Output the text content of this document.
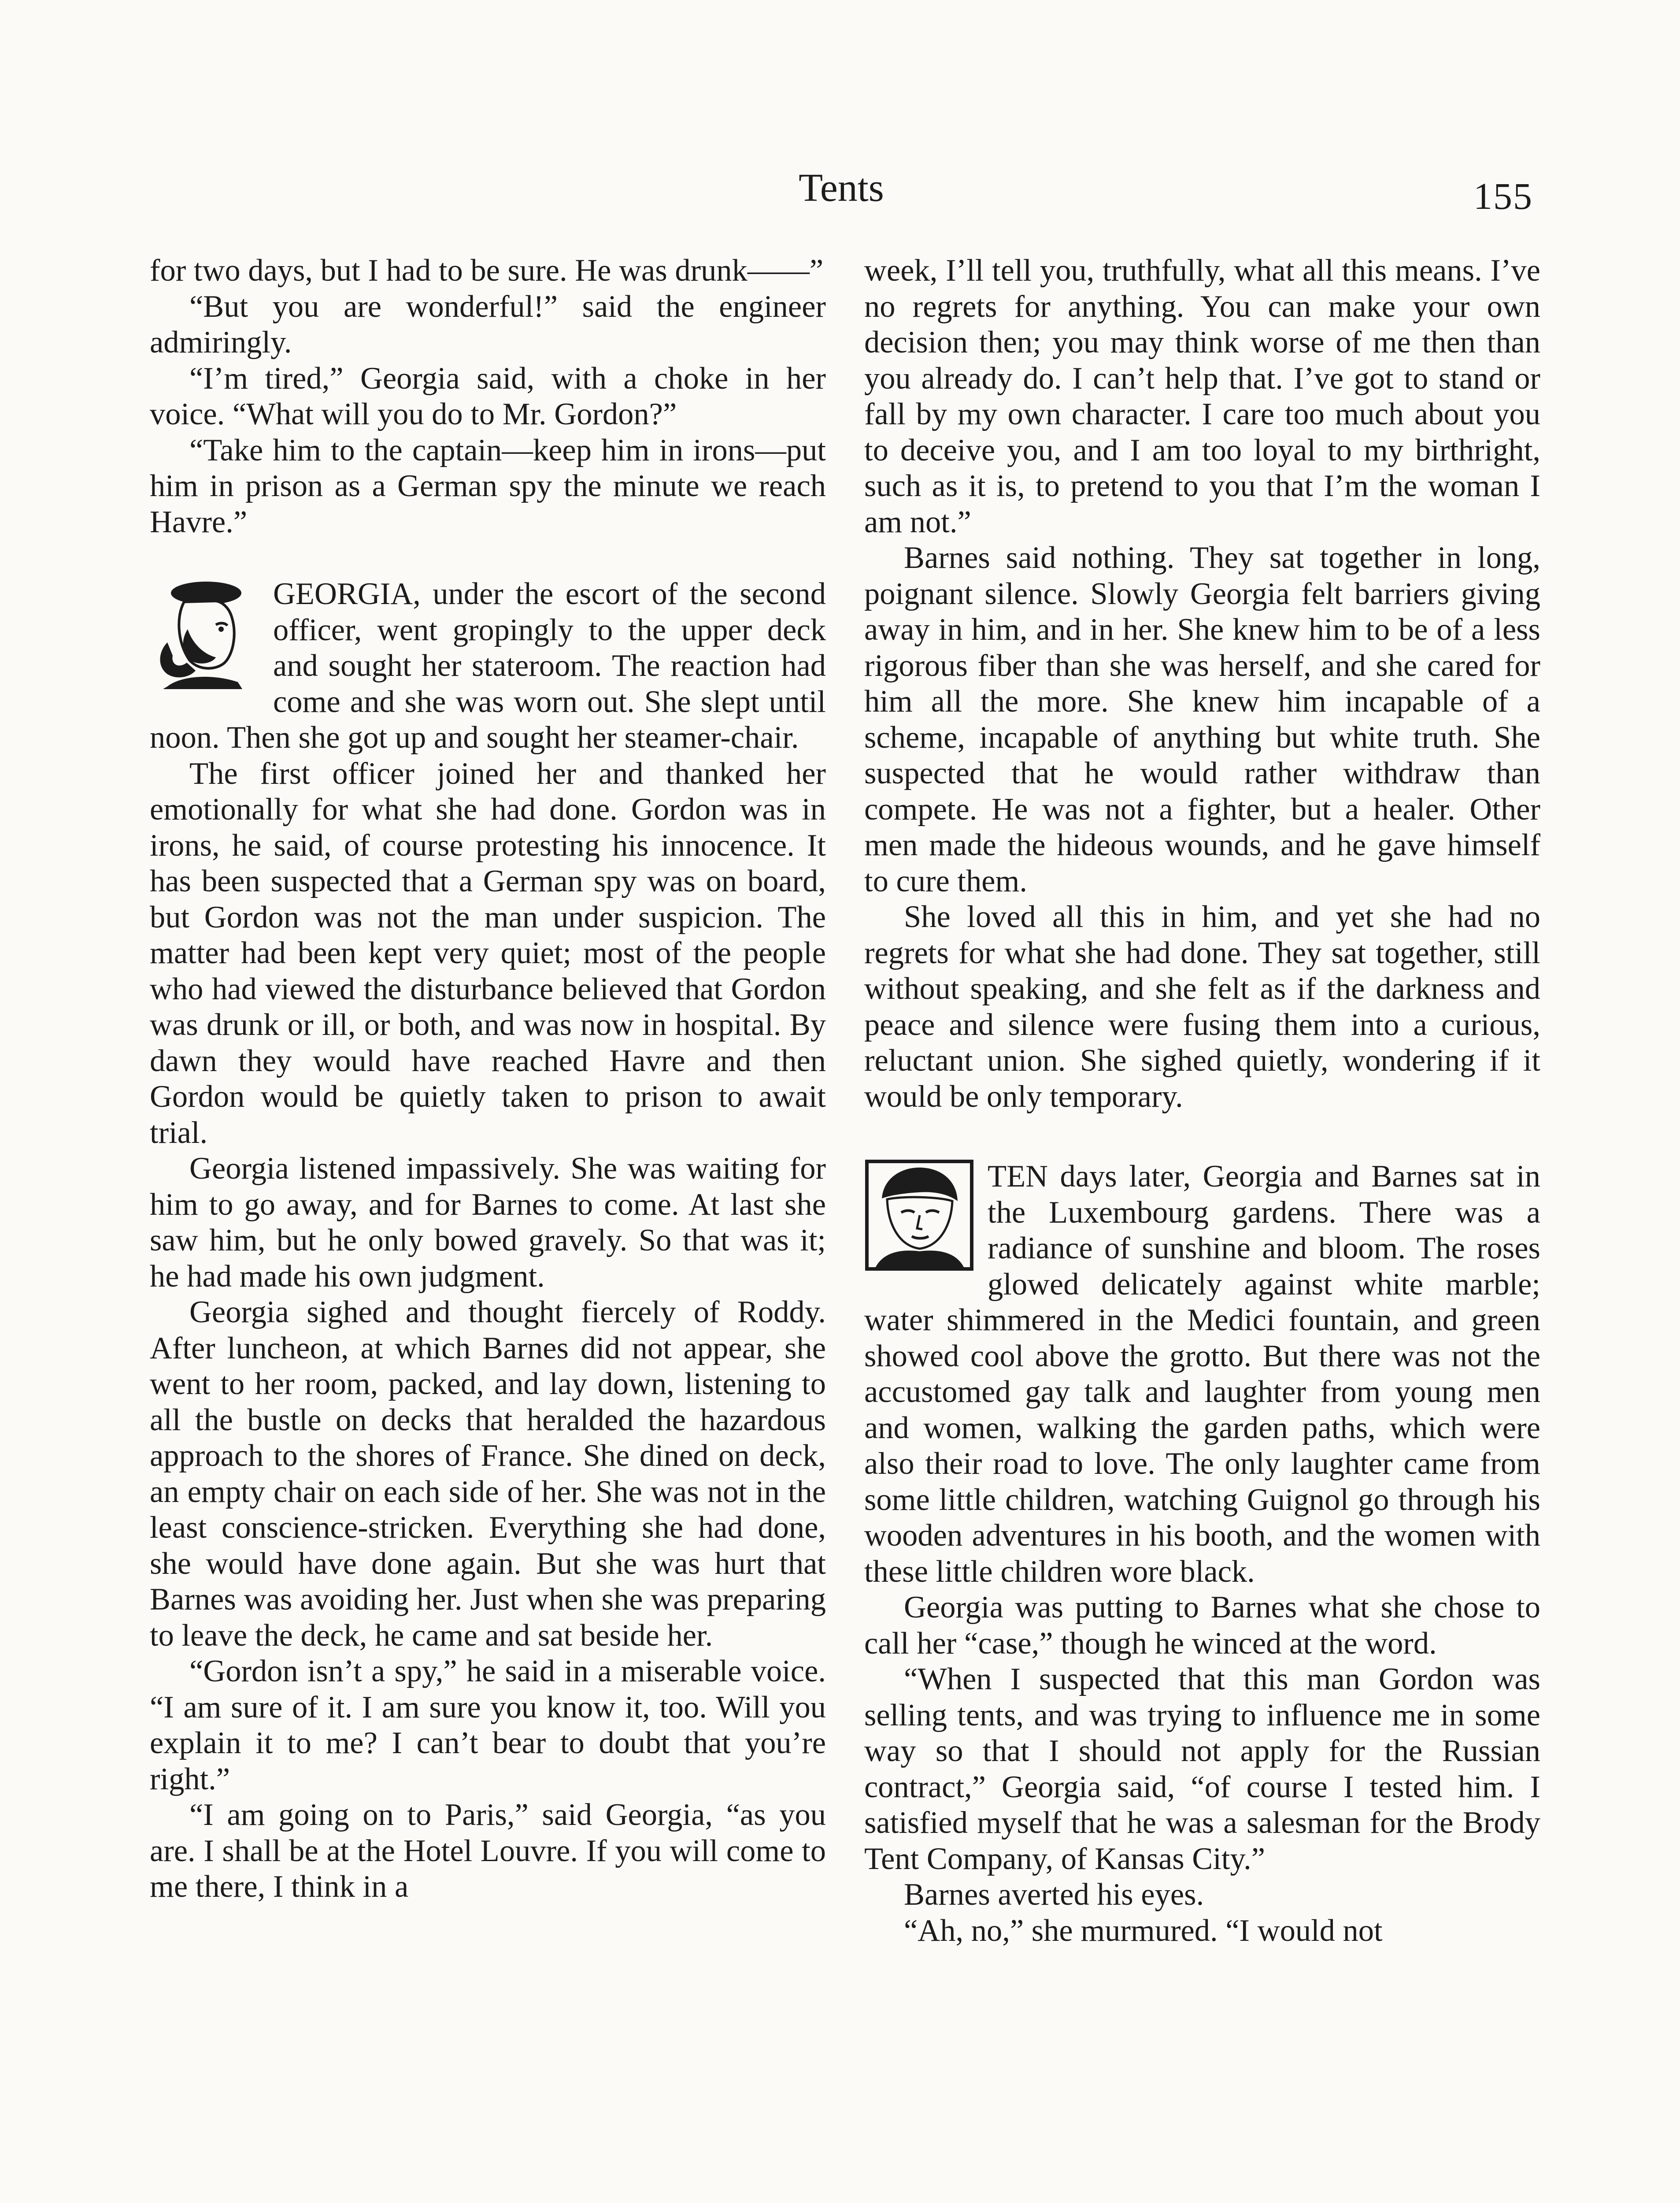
Tents	155

for two days, but I had to be sure. He was drunk——”

“But you are wonderful!” said the engineer admiringly.

“I’m tired,” Georgia said, with a choke in her voice. “What will you do to Mr. Gordon?”

“Take him to the captain—keep him in irons—put him in prison as a German spy the minute we reach Havre.”

GEORGIA, under the escort of the second officer, went gropingly to the upper deck and sought her stateroom. The reaction had come and she was worn out. She slept until noon. Then she got up and sought her steamer-chair.

The first officer joined her and thanked her emotionally for what she had done. Gordon was in irons, he said, of course protesting his innocence. It has been suspected that a German spy was on board, but Gordon was not the man under suspicion. The matter had been kept very quiet; most of the people who had viewed the disturbance believed that Gordon was drunk or ill, or both, and was now in hospital. By dawn they would have reached Havre and then Gordon would be quietly taken to prison to await trial.

Georgia listened impassively. She was waiting for him to go away, and for Barnes to come. At last she saw him, but he only bowed gravely. So that was it; he had made his own judgment.

Georgia sighed and thought fiercely of Roddy. After luncheon, at which Barnes did not appear, she went to her room, packed, and lay down, listening to all the bustle on decks that heralded the hazardous approach to the shores of France. She dined on deck, an empty chair on each side of her. She was not in the least conscience-stricken. Everything she had done, she would have done again. But she was hurt that Barnes was avoiding her. Just when she was preparing to leave the deck, he came and sat beside her.

“Gordon isn’t a spy,” he said in a miserable voice. “I am sure of it. I am sure you know it, too. Will you explain it to me? I can’t bear to doubt that you’re right.”

“I am going on to Paris,” said Georgia, “as you are. I shall be at the Hotel Louvre. If you will come to me there, I think in a

week, I’ll tell you, truthfully, what all this means. I’ve no regrets for anything. You can make your own decision then; you may think worse of me then than you already do. I can’t help that. I’ve got to stand or fall by my own character. I care too much about you to deceive you, and I am too loyal to my birthright, such as it is, to pretend to you that I’m the woman I am not.”

Barnes said nothing. They sat together in long, poignant silence. Slowly Georgia felt barriers giving away in him, and in her. She knew him to be of a less rigorous fiber than she was herself, and she cared for him all the more. She knew him incapable of a scheme, incapable of anything but white truth. She suspected that he would rather withdraw than compete. He was not a fighter, but a healer. Other men made the hideous wounds, and he gave himself to cure them.

She loved all this in him, and yet she had no regrets for what she had done. They sat together, still without speaking, and she felt as if the darkness and peace and silence were fusing them into a curious, reluctant union. She sighed quietly, wondering if it would be only temporary.

TEN days later, Georgia and Barnes sat in the Luxembourg gardens. There was a radiance of sunshine and bloom. The roses glowed delicately against white marble; water shimmered in the Medici fountain, and green showed cool above the grotto. But there was not the accustomed gay talk and laughter from young men and women, walking the garden paths, which were also their road to love. The only laughter came from some little children, watching Guignol go through his wooden adventures in his booth, and the women with these little children wore black.

Georgia was putting to Barnes what she chose to call her “case,” though he winced at the word.

“When I suspected that this man Gordon was selling tents, and was trying to influence me in some way so that I should not apply for the Russian contract,” Georgia said, “of course I tested him. I satisfied myself that he was a salesman for the Brody Tent Company, of Kansas City.”

Barnes averted his eyes.

“Ah, no,” she murmured. “I would not
